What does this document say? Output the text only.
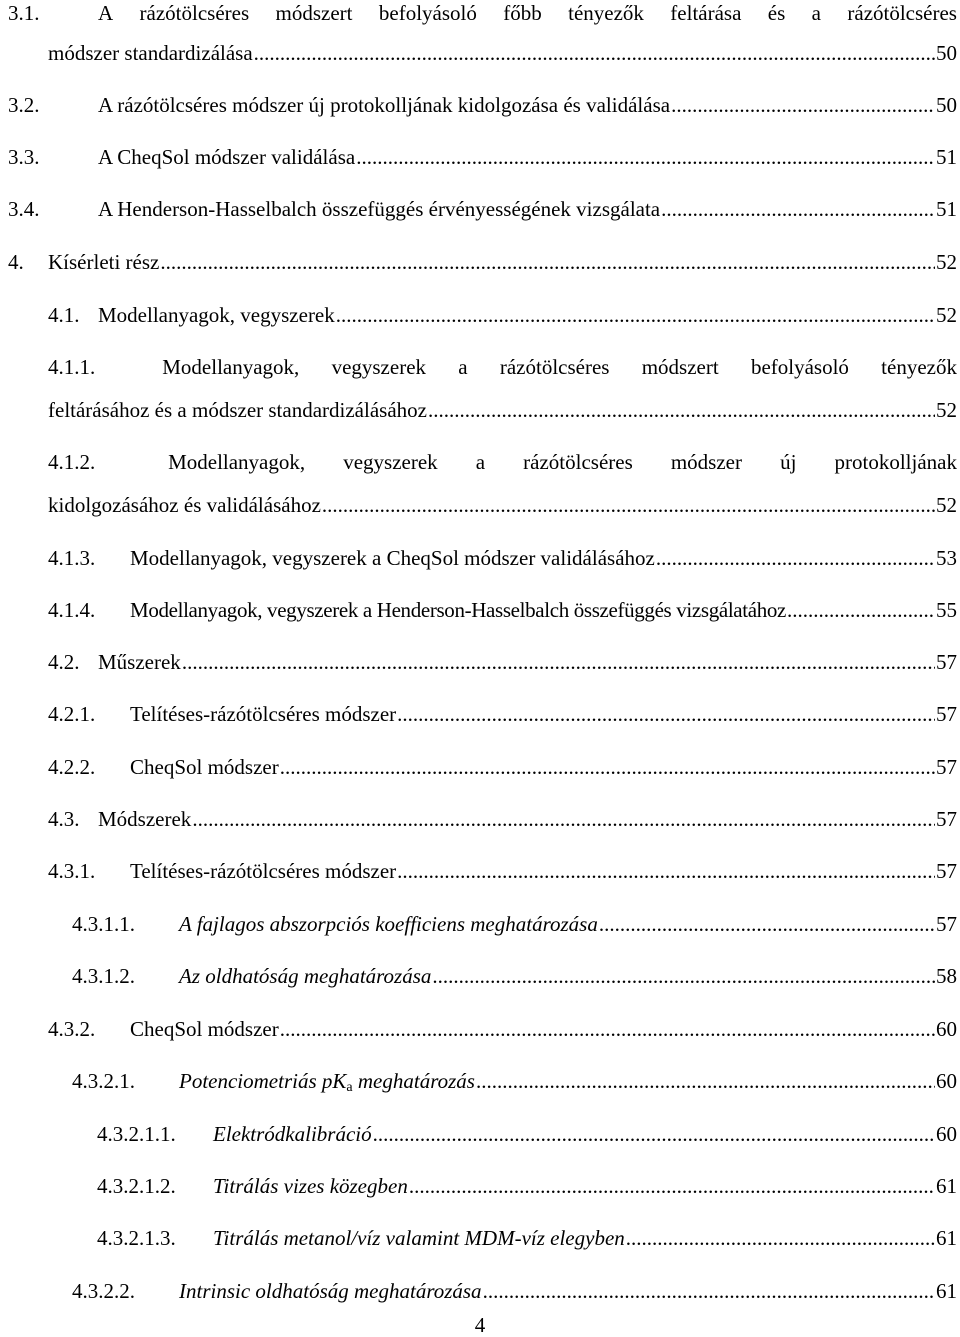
3.1.	A rázótölcséres módszert befolyásoló főbb tényezők feltárása és a rázótölcséres
módszer standardizálása .....	50
3.2.	A rázótölcséres módszer új protokolljának kidolgozása és validálása .....	50
3.3.	A CheqSol módszer validálása .....	51
3.4.	A Henderson-Hasselbalch összefüggés érvényességének vizsgálata .....	51
4.	Kísérleti rész .....	52
4.1. Modellanyagok, vegyszerek .....	52
4.1.1.	Modellanyagok, vegyszerek a rázótölcséres módszert befolyásoló tényezők
feltárásához és a módszer standardizálásához .....	52
4.1.2.	Modellanyagok, vegyszerek a rázótölcséres módszer új protokolljának
kidolgozásához és validálásához .....	52
4.1.3.	Modellanyagok, vegyszerek a CheqSol módszer validálásához .....	53
4.1.4.	Modellanyagok, vegyszerek a Henderson-Hasselbalch összefüggés vizsgálatához .....	55
4.2. Műszerek .....	57
4.2.1.	Telítéses-rázótölcséres módszer .....	57
4.2.2.	CheqSol módszer .....	57
4.3. Módszerek .....	57
4.3.1.	Telítéses-rázótölcséres módszer .....	57
4.3.1.1.	A fajlagos abszorpciós koefficiens meghatározása .....	57
4.3.1.2.	Az oldhatóság meghatározása .....	58
4.3.2.	CheqSol módszer .....	60
4.3.2.1.	Potenciometriás $pK_a$ meghatározás .....	60
4.3.2.1.1.	Elektródkalibráció .....	60
4.3.2.1.2.	Titrálás vizes közegben .....	61
4.3.2.1.3.	Titrálás metanol/víz valamint MDM-víz elegyben .....	61
4.3.2.2.	Intrinsic oldhatóság meghatározása .....	61
4
